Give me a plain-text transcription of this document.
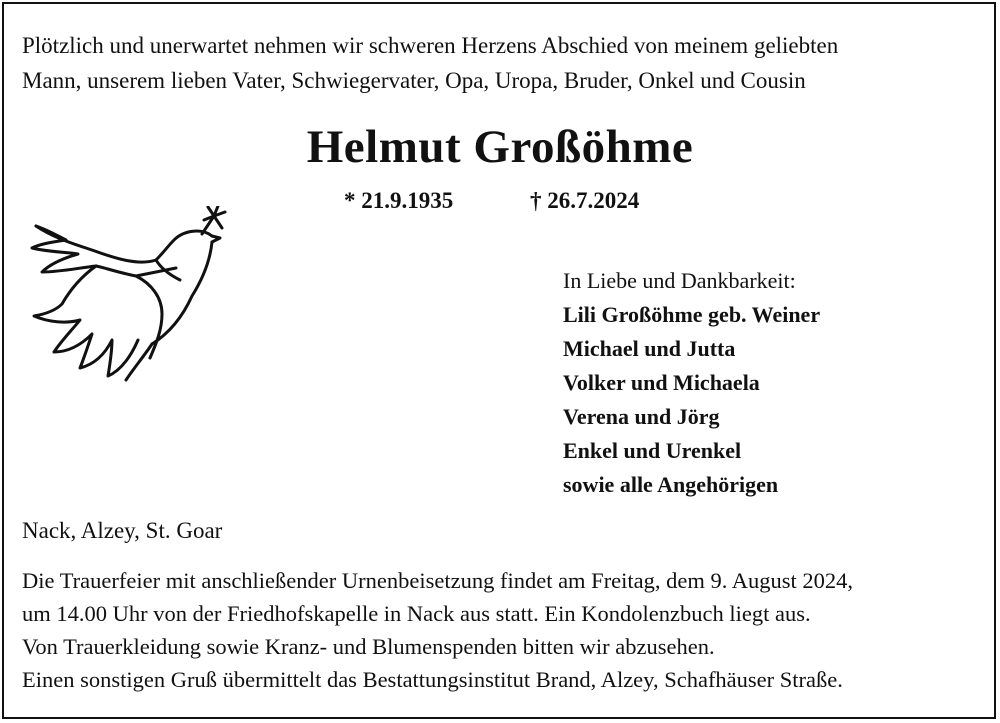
Plötzlich und unerwartet nehmen wir schweren Herzens Abschied von meinem geliebten

Mann, unserem lieben Vater, Schwiegervater, Opa, Uropa, Bruder, Onkel und Cousin

Helmut Großöhme
* 21.9.1935	† 26.7.2024
In Liebe und Dankbarkeit:
Lili Großöhme geb. Weiner
Michael und Jutta
Volker und Michaela
Verena und Jörg
Enkel und Urenkel
sowie alle Angehörigen
Nack, Alzey, St. Goar

Die Trauerfeier mit anschließender Urnenbeisetzung findet am Freitag, dem 9. August 2024,

um 14.00 Uhr von der Friedhofskapelle in Nack aus statt. Ein Kondolenzbuch liegt aus.

Von Trauerkleidung sowie Kranz- und Blumenspenden bitten wir abzusehen.

Einen sonstigen Gruß übermittelt das Bestattungsinstitut Brand, Alzey, Schafhäuser Straße.
